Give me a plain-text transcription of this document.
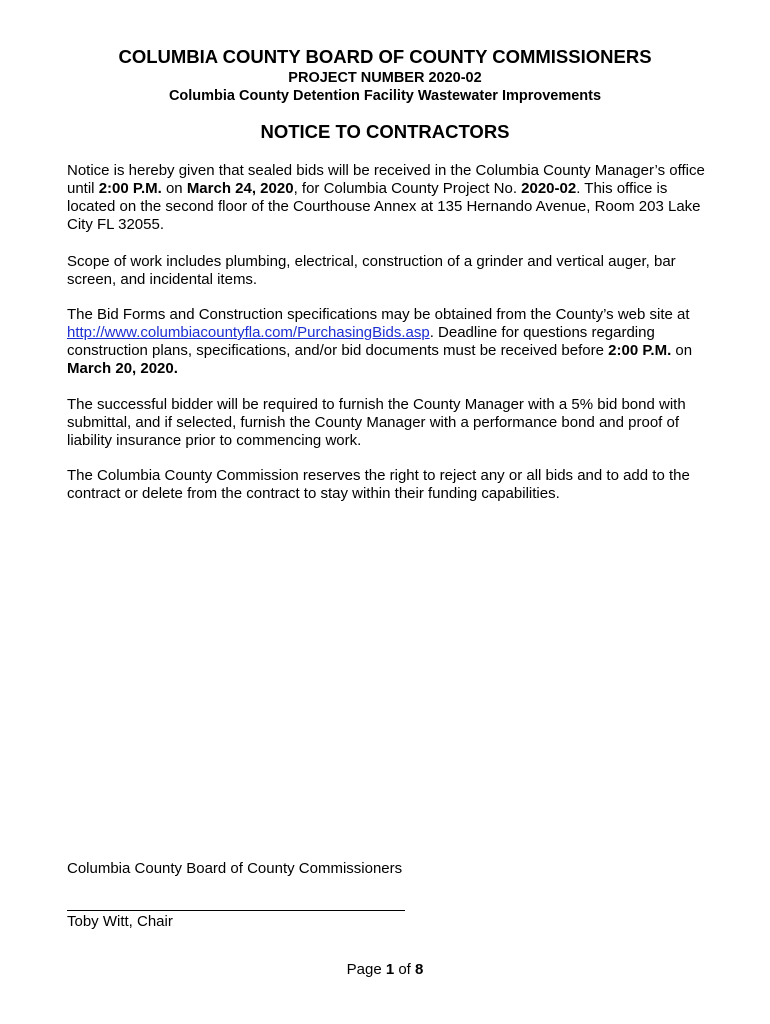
COLUMBIA COUNTY BOARD OF COUNTY COMMISSIONERS
PROJECT NUMBER 2020-02
Columbia County Detention Facility Wastewater Improvements
NOTICE TO CONTRACTORS

Notice is hereby given that sealed bids will be received in the Columbia County Manager’s office until 2:00 P.M. on March 24, 2020, for Columbia County Project No. 2020-02. This office is located on the second floor of the Courthouse Annex at 135 Hernando Avenue, Room 203 Lake City FL 32055.

Scope of work includes plumbing, electrical, construction of a grinder and vertical auger, bar screen, and incidental items.

The Bid Forms and Construction specifications may be obtained from the County’s web site at http://www.columbiacountyfla.com/PurchasingBids.asp. Deadline for questions regarding construction plans, specifications, and/or bid documents must be received before 2:00 P.M. on March 20, 2020.

The successful bidder will be required to furnish the County Manager with a 5% bid bond with submittal, and if selected, furnish the County Manager with a performance bond and proof of liability insurance prior to commencing work.

The Columbia County Commission reserves the right to reject any or all bids and to add to the contract or delete from the contract to stay within their funding capabilities.

Columbia County Board of County Commissioners
Toby Witt, Chair
Page 1 of 8
